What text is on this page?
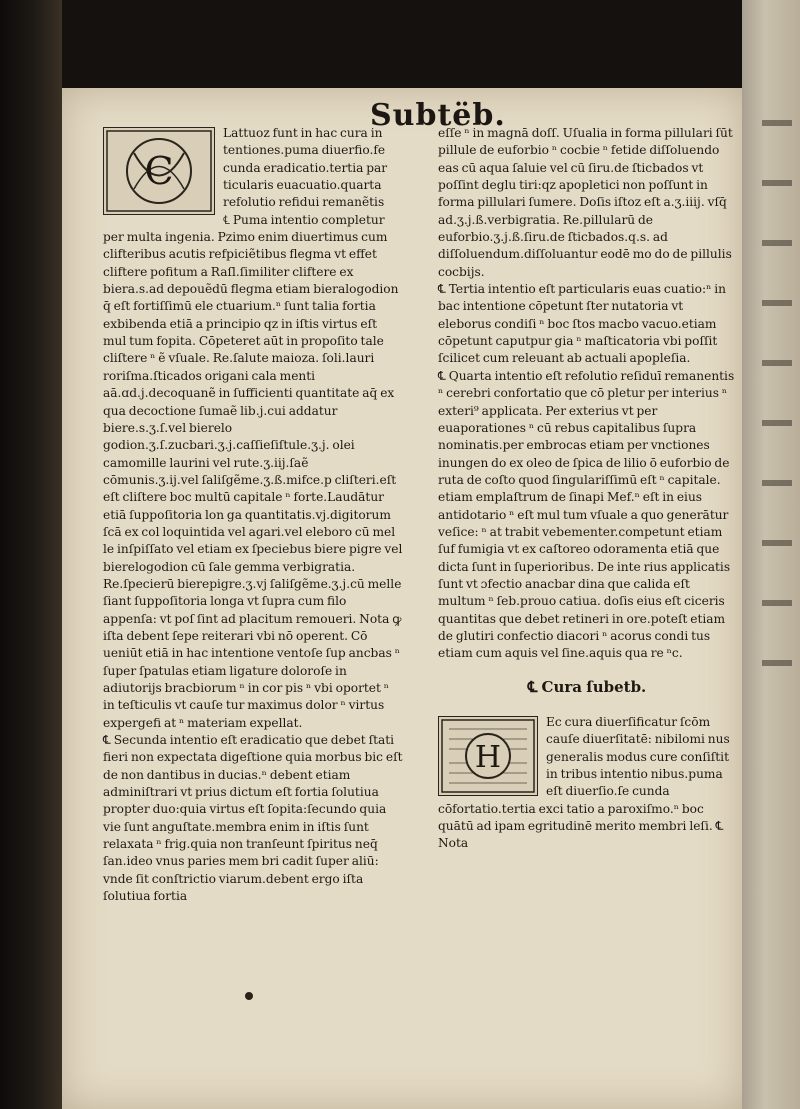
Subtëb.
C

Lattuoz funt in hac cura in tentiones.puma diuerfio.fe cunda eradicatio.tertia par ticularis euacuatio.quarta refolutio refidui remanẽtis

℄ Puma intentio completur per multa ingenia. Pzimo enim diuertimus cum clifteribus acutis refpiciẽtibus flegma vt effet cliftere pofitum a Raſl.ſimiliter cliftere ex biera.s.ad depouẽdū flegma etiam bieralogodion q̄ eſt fortiſſimū ele ctuarium.ⁿ ſunt talia fortia exbibenda etiā a principio qz in iſtis virtus eſt mul tum fopita. Cōpeteret aūt in propoſito tale cliſtere ⁿ ẽ vſuale. Re.ſalute maioza. ſoli.lauri roriſma.ſticados origani cala menti aā.ɑd.j.decoquanẽ in ſufficienti quantitate aq̄ ex qua decoctione ſumaẽ lib.j.cui addatur biere.s.ʒ.ſ.vel bierelo godion.ʒ.ſ.zucbari.ʒ.j.caſſieſiſtule.ʒ.j. olei camomille laurini vel rute.ʒ.iij.ſaẽ cōmunis.ʒ.ij.vel ſaliſgẽme.ʒ.ß.mifce.p cliſteri.eſt eſt cliſtere boc multū capitale ⁿ forte.Laudātur etiā ſuppoſitoria lon ga quantitatis.vj.digitorum ſcā ex col loquintida vel agari.vel eleboro cū mel le inſpiſſato vel etiam ex ſpeciebus biere pigre vel bierelogodion cū ſale gemma verbigratia. Re.ſpecierū bierepigre.ʒ.vj ſaliſgẽme.ʒ.j.cū melle ſiant ſuppoſitoria longa vt ſupra cum filo appenſa: vt poſ ſint ad placitum remoueri. Nota ꝙ iſta debent ſepe reiterari vbi nō operent. Cō ueniūt etiā in hac intentione ventoſe ſup ancbas ⁿ ſuper ſpatulas etiam ligature doloroſe in adiutorijs bracbiorum ⁿ in cor pis ⁿ vbi oportet ⁿ in teſticulis vt cauſe tur maximus dolor ⁿ virtus expergefi at ⁿ materiam expellat.

℄ Secunda intentio eſt eradicatio que debet ſtati fieri non expectata digeſtione quia morbus bic eſt de non dantibus in ducias.ⁿ debent etiam adminiſtrari vt prius dictum eſt fortia ſolutiua propter duo:quia virtus eſt ſopita:ſecundo quia vie ſunt anguſtate.membra enim in iſtis ſunt relaxata ⁿ frig.quia non tranſeunt ſpiritus neq̄ ſan.ideo vnus paries mem bri cadit ſuper aliū: vnde ſit conſtrictio viarum.debent ergo iſta ſolutiua fortia

eſſe ⁿ in magnā doſſ. Uſualia in forma pillulari ſūt pillule de euforbio ⁿ cocbie ⁿ fetide diſſoluendo eas cū aqua ſaluie vel cū ſiru.de ſticbados vt poſſint deglu tiri:qz apopletici non poſſunt in forma pillulari ſumere. Doſis iſtoz eſt a.ʒ.iiij. vſq̄ ad.ʒ.j.ß.verbigratia. Re.pillularū de euforbio.ʒ.j.ß.ſiru.de ſticbados.q.s. ad diſſoluendum.diſſoluantur eodē mo do de pillulis cocbijs.

℄ Tertia intentio eſt particularis euas cuatio:ⁿ in bac intentione cōpetunt ſter nutatoria vt eleborus condiſi ⁿ boc ſtos macbo vacuo.etiam cōpetunt caputpur gia ⁿ maſticatoria vbi poſſit ſcilicet cum releuant ab actuali apopleſia.

℄ Quarta intentio eſt refolutio reſiduī remanentis ⁿ cerebri confortatio que cō pletur per interius ⁿ exteri⁹ applicata. Per exterius vt per euaporationes ⁿ cū rebus capitalibus ſupra nominatis.per embrocas etiam per vnctiones inungen do ex oleo de ſpica de lilio ō euforbio de ruta de coſto quod ſingulariſſimū eſt ⁿ capitale. etiam emplaſtrum de ſinapi Mef.ⁿ eſt in eius antidotario ⁿ eſt mul tum vſuale a quo generātur veſice: ⁿ at trabit vebementer.competunt etiam ſuf fumigia vt ex caſtoreo odoramenta etiā que dicta ſunt in ſuperioribus. De inte rius applicatis ſunt vt ɔfectio anacbar dina que calida eſt multum ⁿ ſeb.prouo catiua. doſis eius eſt ciceris quantitas que debet retineri in ore.poteſt etiam de glutiri confectio diacori ⁿ acorus condi tus etiam cum aquis vel ſine.aquis qua re ⁿc.

℄ Cura ſubetb.
H

Ec cura diuerſificatur ſcōm cauſe diuerſitatē: nibilomi nus generalis modus cure conſiſtit in tribus intentio nibus.puma eſt diuerſio.ſe cunda cōfortatio.tertia exci tatio a paroxiſmo.ⁿ boc quātū ad ipam egritudinē merito membri leſi. ℄ Nota
